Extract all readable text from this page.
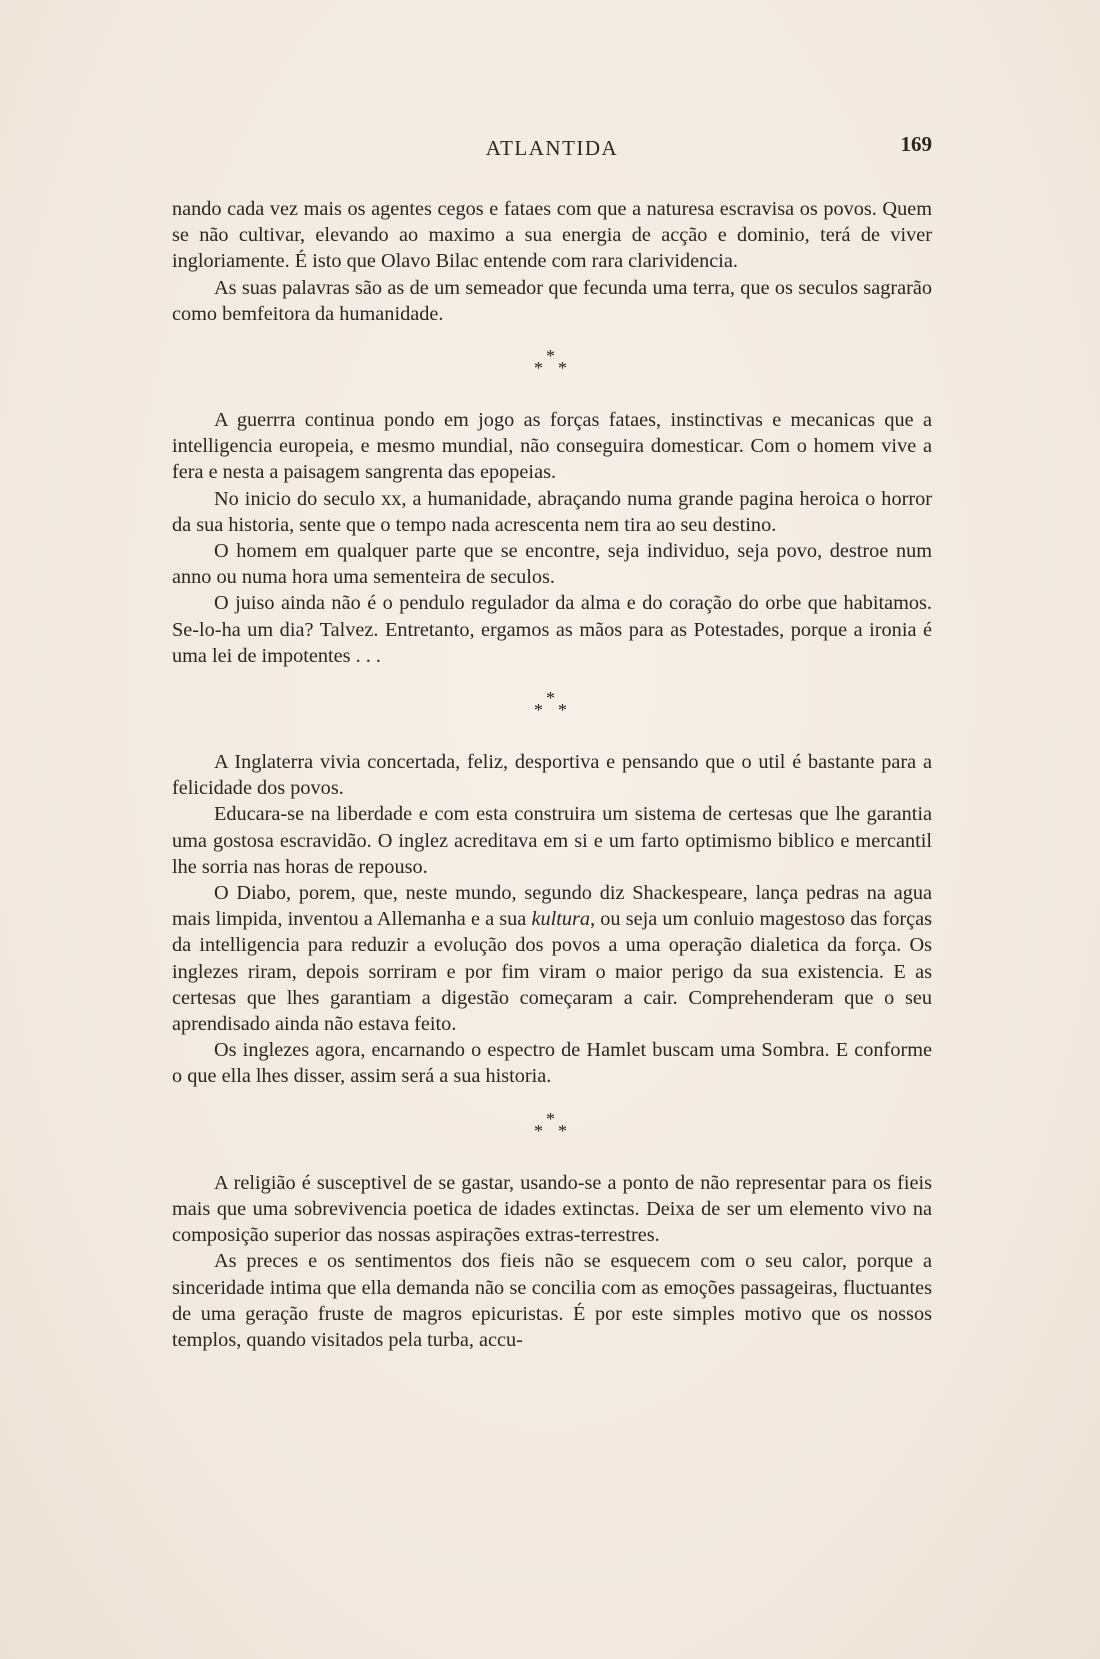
ATLANTIDA	169

nando cada vez mais os agentes cegos e fataes com que a naturesa escravisa os povos. Quem se não cultivar, elevando ao maximo a sua energia de acção e dominio, terá de viver ingloriamente. É isto que Olavo Bilac entende com rara clarividencia.

As suas palavras são as de um semeador que fecunda uma terra, que os seculos sagrarão como bemfeitora da humanidade.

*
* *

A guerrra continua pondo em jogo as forças fataes, instinctivas e mecanicas que a intelligencia europeia, e mesmo mundial, não conseguira domesticar. Com o homem vive a fera e nesta a paisagem sangrenta das epopeias.

No inicio do seculo xx, a humanidade, abraçando numa grande pagina heroica o horror da sua historia, sente que o tempo nada acrescenta nem tira ao seu destino.

O homem em qualquer parte que se encontre, seja individuo, seja povo, destroe num anno ou numa hora uma sementeira de seculos.

O juiso ainda não é o pendulo regulador da alma e do coração do orbe que habitamos. Se-lo-ha um dia? Talvez. Entretanto, ergamos as mãos para as Potestades, porque a ironia é uma lei de impotentes . . .

*
* *

A Inglaterra vivia concertada, feliz, desportiva e pensando que o util é bastante para a felicidade dos povos.

Educara-se na liberdade e com esta construira um sistema de certesas que lhe garantia uma gostosa escravidão. O inglez acreditava em si e um farto optimismo biblico e mercantil lhe sorria nas horas de repouso.

O Diabo, porem, que, neste mundo, segundo diz Shackespeare, lança pedras na agua mais limpida, inventou a Allemanha e a sua kultura, ou seja um conluio magestoso das forças da intelligencia para reduzir a evolução dos povos a uma operação dialetica da força. Os inglezes riram, depois sorriram e por fim viram o maior perigo da sua existencia. E as certesas que lhes garantiam a digestão começaram a cair. Comprehenderam que o seu aprendisado ainda não estava feito.

Os inglezes agora, encarnando o espectro de Hamlet buscam uma Sombra. E conforme o que ella lhes disser, assim será a sua historia.

*
* *

A religião é susceptivel de se gastar, usando-se a ponto de não representar para os fieis mais que uma sobrevivencia poetica de idades extinctas. Deixa de ser um elemento vivo na composição superior das nossas aspirações extras-terrestres.

As preces e os sentimentos dos fieis não se esquecem com o seu calor, porque a sinceridade intima que ella demanda não se concilia com as emoções passageiras, fluctuantes de uma geração fruste de magros epicuristas. É por este simples motivo que os nossos templos, quando visitados pela turba, accu-
